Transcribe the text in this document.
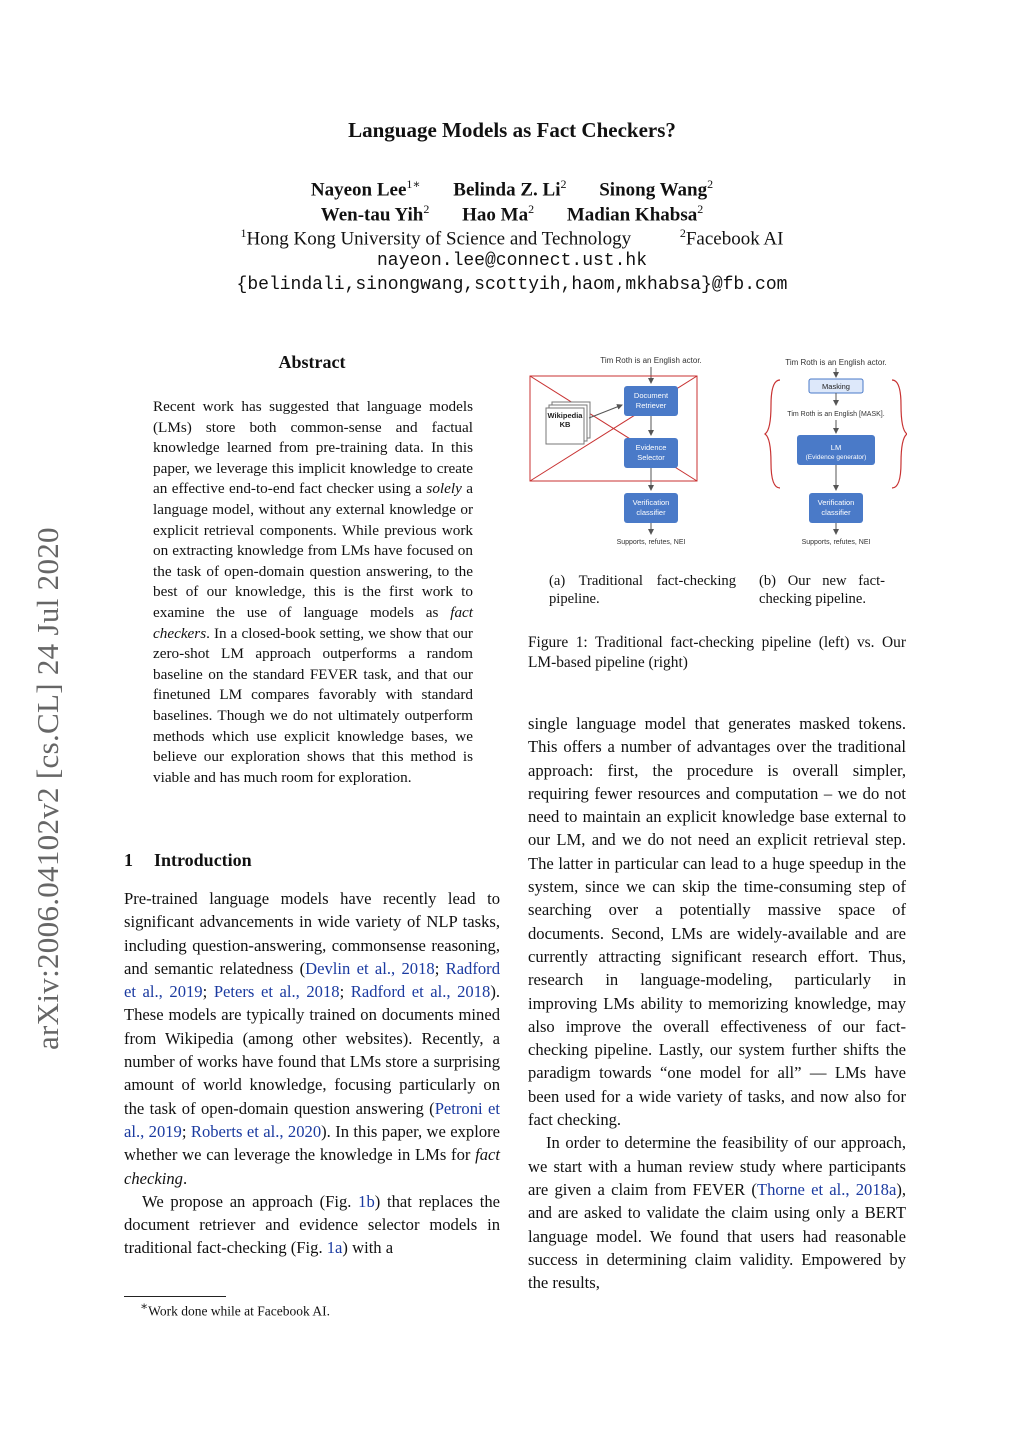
Language Models as Fact Checkers?
Nayeon Lee$^{1∗}$ Belinda Z. Li$^2$ Sinong Wang$^2$
Wen-tau Yih$^2$ Hao Ma$^2$ Madian Khabsa$^2$
$^1$Hong Kong University of Science and Technology	$^2$Facebook AI
nayeon.lee@connect.ust.hk
{belindali,sinongwang,scottyih,haom,mkhabsa}@fb.com
arXiv:2006.04102v2 [cs.CL] 24 Jul 2020
Abstract
Recent work has suggested that language models (LMs) store both common-sense and factual knowledge learned from pre-training data. In this paper, we leverage this implicit knowledge to create an effective end-to-end fact checker using a solely a language model, without any external knowledge or explicit retrieval components. While previous work on extracting knowledge from LMs have focused on the task of open-domain question answering, to the best of our knowledge, this is the first work to examine the use of language models as fact checkers. In a closed-book setting, we show that our zero-shot LM approach outperforms a random baseline on the standard FEVER task, and that our finetuned LM compares favorably with standard baselines. Though we do not ultimately outperform methods which use explicit knowledge bases, we believe our exploration shows that this method is viable and has much room for exploration.
1 Introduction

Pre-trained language models have recently lead to significant advancements in wide variety of NLP tasks, including question-answering, commonsense reasoning, and semantic relatedness (Devlin et al., 2018; Radford et al., 2019; Peters et al., 2018; Radford et al., 2018). These models are typically trained on documents mined from Wikipedia (among other websites). Recently, a number of works have found that LMs store a surprising amount of world knowledge, focusing particularly on the task of open-domain question answering (Petroni et al., 2019; Roberts et al., 2020). In this paper, we explore whether we can leverage the knowledge in LMs for fact checking.

We propose an approach (Fig. 1b) that replaces the document retriever and evidence selector models in traditional fact-checking (Fig. 1a) with a

∗Work done while at Facebook AI.
Tim Roth is an English actor.
Wikipedia
KB
Document
Retriever
Evidence
Selector
Verification
classifier
Supports, refutes, NEI
Tim Roth is an English actor.
Masking
Tim Roth is an English [MASK].
LM
(Evidence generator)
Verification
classifier
Supports, refutes, NEI
(a) Traditional fact-checking pipeline.
(b) Our new fact-checking pipeline.
Figure 1: Traditional fact-checking pipeline (left) vs. Our LM-based pipeline (right)

single language model that generates masked tokens. This offers a number of advantages over the traditional approach: first, the procedure is overall simpler, requiring fewer resources and computation – we do not need to maintain an explicit knowledge base external to our LM, and we do not need an explicit retrieval step. The latter in particular can lead to a huge speedup in the system, since we can skip the time-consuming step of searching over a potentially massive space of documents. Second, LMs are widely-available and are currently attracting significant research effort. Thus, research in language-modeling, particularly in improving LMs ability to memorizing knowledge, may also improve the overall effectiveness of our fact-checking pipeline. Lastly, our system further shifts the paradigm towards “one model for all” — LMs have been used for a wide variety of tasks, and now also for fact checking.

In order to determine the feasibility of our approach, we start with a human review study where participants are given a claim from FEVER (Thorne et al., 2018a), and are asked to validate the claim using only a BERT language model. We found that users had reasonable success in determining claim validity. Empowered by the results,
